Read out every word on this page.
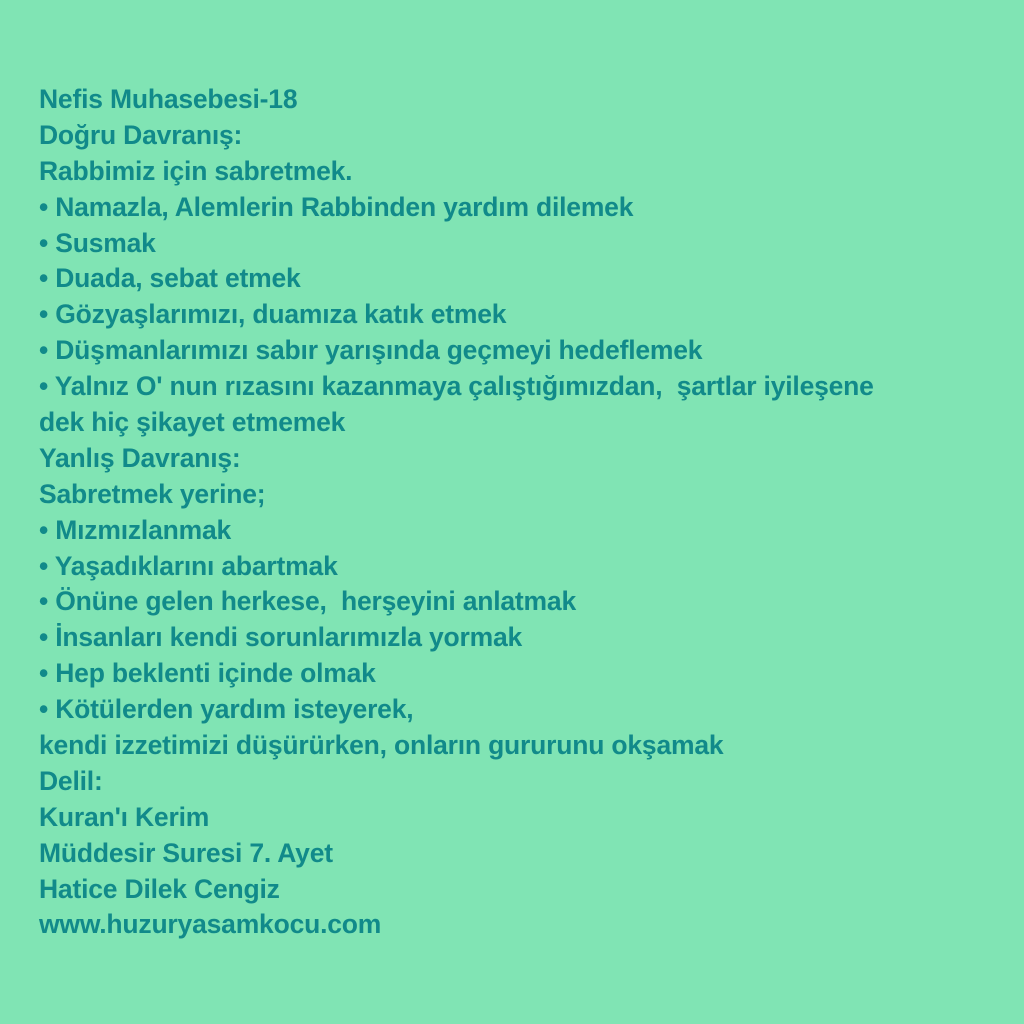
Nefis Muhasebesi-18
Doğru Davranış:
Rabbimiz için sabretmek.
• Namazla, Alemlerin Rabbinden yardım dilemek
• Susmak
• Duada, sebat etmek
• Gözyaşlarımızı, duamıza katık etmek
• Düşmanlarımızı sabır yarışında geçmeyi hedeflemek
• Yalnız O' nun rızasını kazanmaya çalıştığımızdan,  şartlar iyileşene
dek hiç şikayet etmemek
Yanlış Davranış:
Sabretmek yerine;
• Mızmızlanmak
• Yaşadıklarını abartmak
• Önüne gelen herkese,  herşeyini anlatmak
• İnsanları kendi sorunlarımızla yormak
• Hep beklenti içinde olmak
• Kötülerden yardım isteyerek,
kendi izzetimizi düşürürken, onların gururunu okşamak
Delil:
Kuran'ı Kerim
Müddesir Suresi 7. Ayet
Hatice Dilek Cengiz
www.huzuryasamkocu.com
